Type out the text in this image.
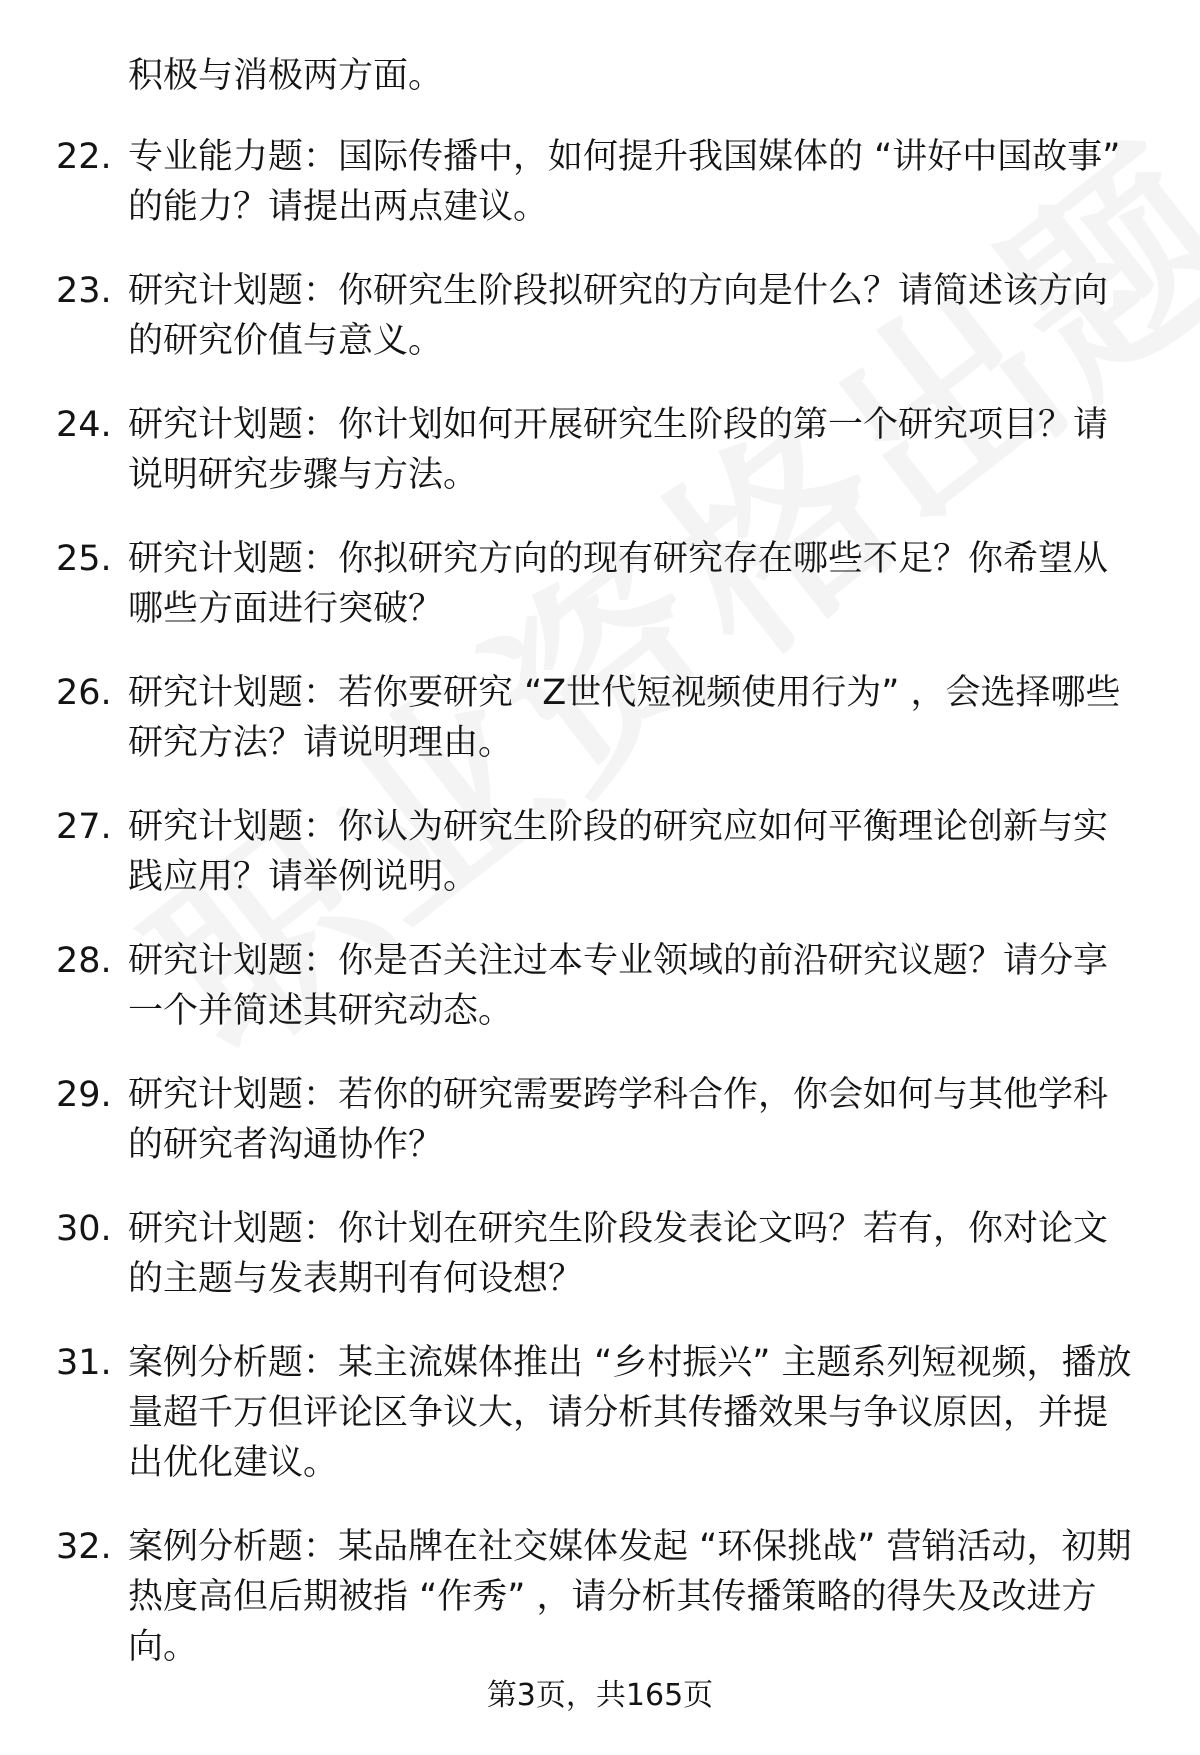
积极与消极两方面。
22. 专业能力题：国际传播中，如何提升我国媒体的 “讲好中国故事” 的能力？请提出两点建议。
23. 研究计划题：你研究生阶段拟研究的方向是什么？请简述该方向的研究价值与意义。
24. 研究计划题：你计划如何开展研究生阶段的第一个研究项目？请说明研究步骤与方法。
25. 研究计划题：你拟研究方向的现有研究存在哪些不足？你希望从哪些方面进行突破？
26. 研究计划题：若你要研究 “Z世代短视频使用行为” ，会选择哪些研究方法？请说明理由。
27. 研究计划题：你认为研究生阶段的研究应如何平衡理论创新与实践应用？请举例说明。
28. 研究计划题：你是否关注过本专业领域的前沿研究议题？请分享一个并简述其研究动态。
29. 研究计划题：若你的研究需要跨学科合作，你会如何与其他学科的研究者沟通协作？
30. 研究计划题：你计划在研究生阶段发表论文吗？若有，你对论文的主题与发表期刊有何设想？
31. 案例分析题：某主流媒体推出 “乡村振兴” 主题系列短视频，播放量超千万但评论区争议大，请分析其传播效果与争议原因，并提出优化建议。
32. 案例分析题：某品牌在社交媒体发起 “环保挑战” 营销活动，初期热度高但后期被指 “作秀” ，请分析其传播策略的得失及改进方向。
第3页，共165页
